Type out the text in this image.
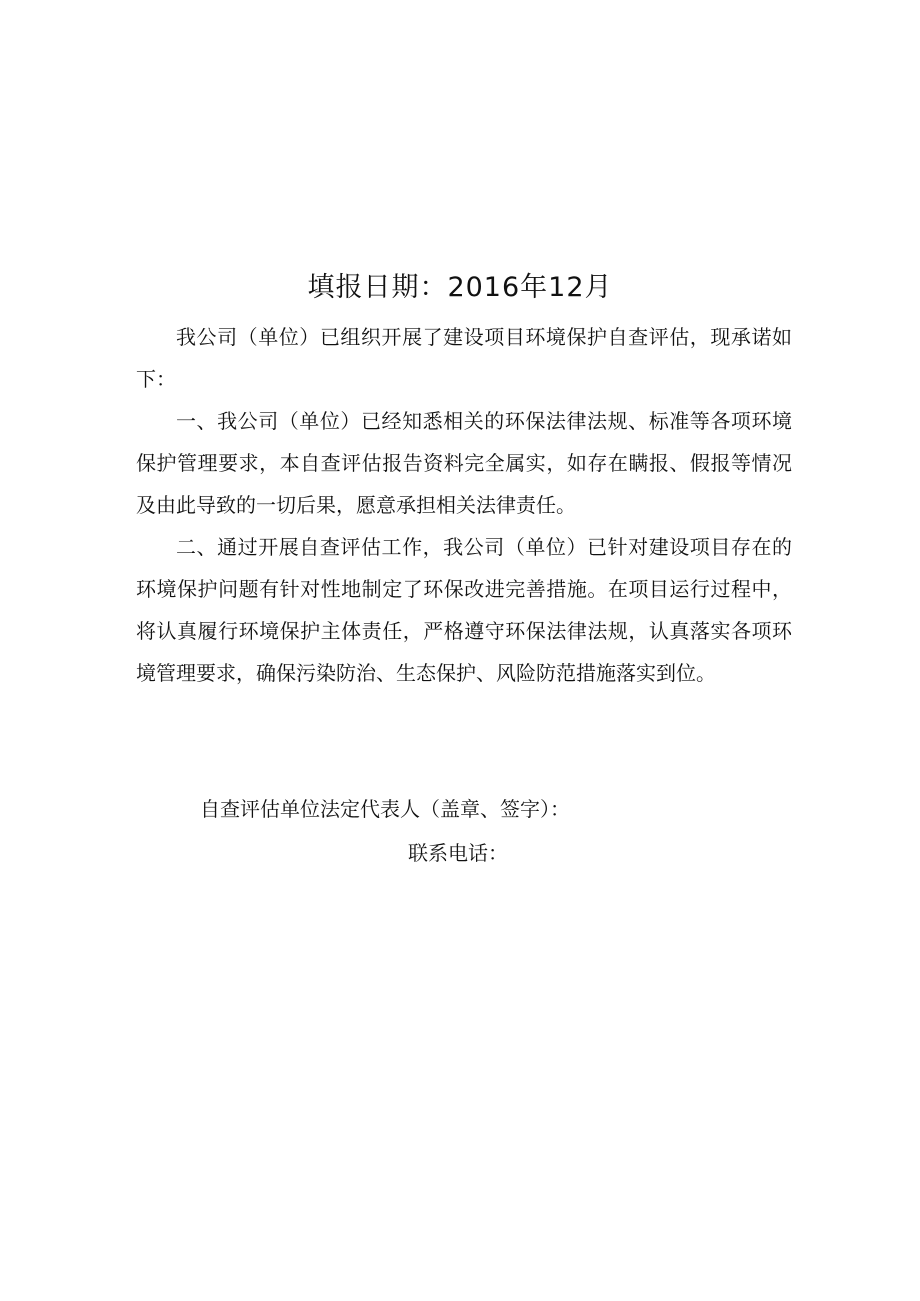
填报日期：2016年12月

我公司（单位）已组织开展了建设项目环境保护自查评估，现承诺如下：

一、我公司（单位）已经知悉相关的环保法律法规、标准等各项环境保护管理要求，本自查评估报告资料完全属实，如存在瞒报、假报等情况及由此导致的一切后果，愿意承担相关法律责任。

二、通过开展自查评估工作，我公司（单位）已针对建设项目存在的环境保护问题有针对性地制定了环保改进完善措施。在项目运行过程中，将认真履行环境保护主体责任，严格遵守环保法律法规，认真落实各项环境管理要求，确保污染防治、生态保护、风险防范措施落实到位。

自查评估单位法定代表人（盖章、签字）：

联系电话：
